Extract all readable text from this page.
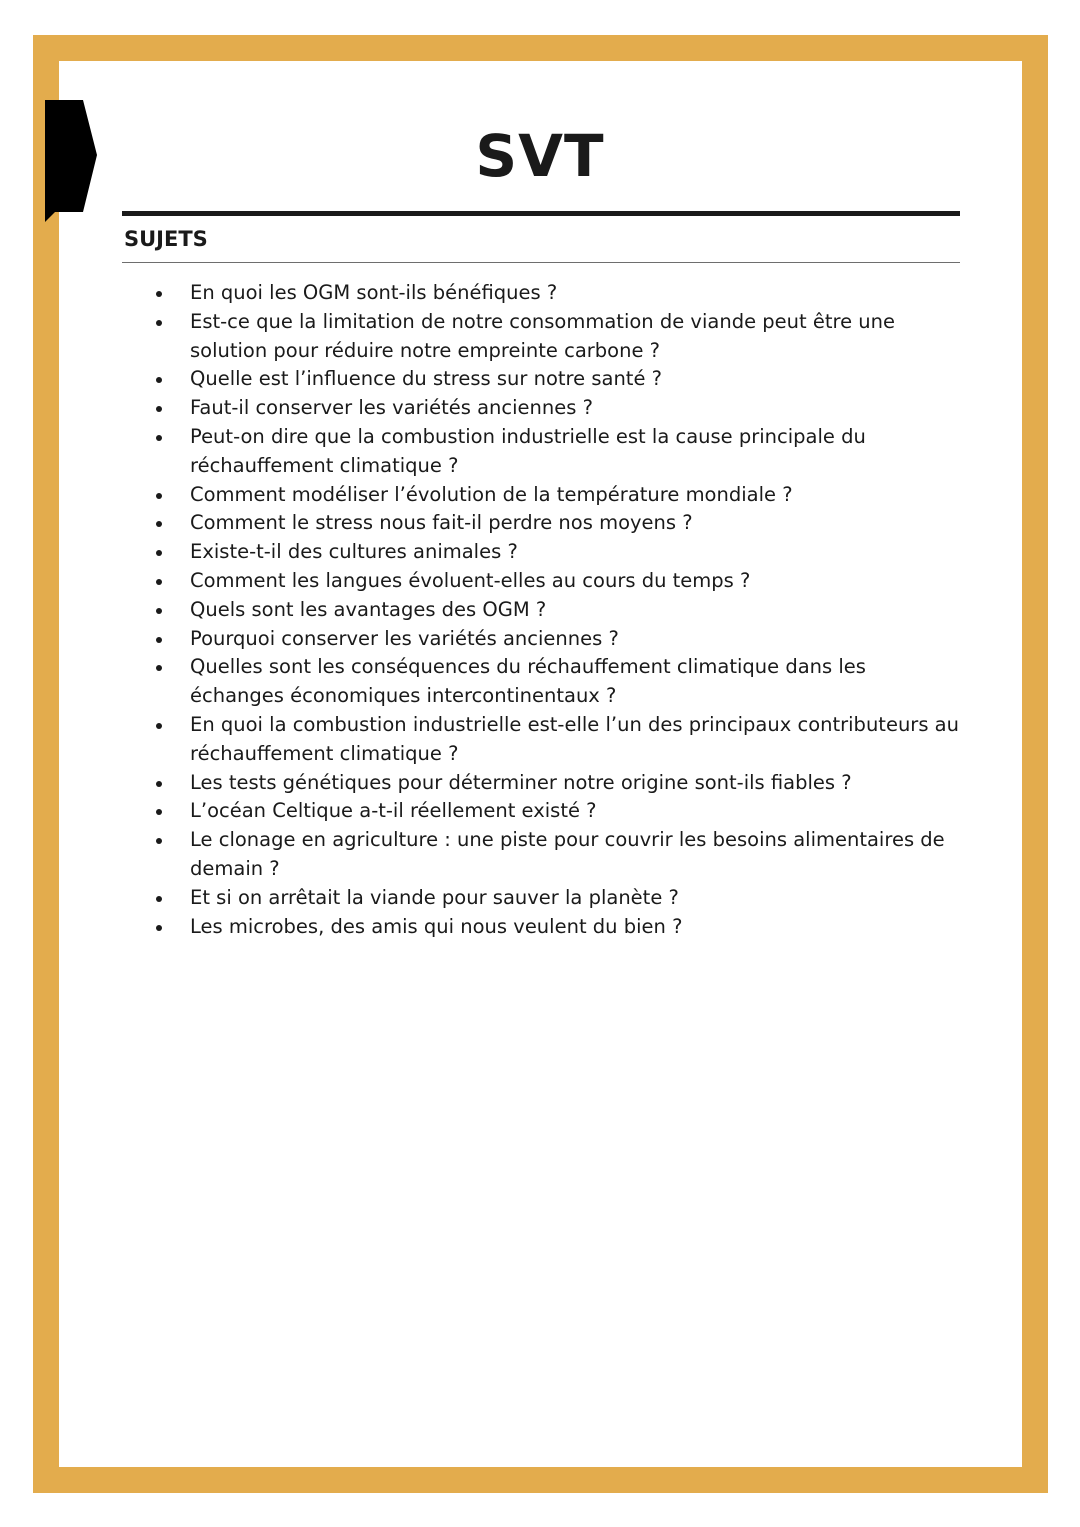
SVT
SUJETS
En quoi les OGM sont-ils bénéfiques ?
Est-ce que la limitation de notre consommation de viande peut être une solution pour réduire notre empreinte carbone ?
Quelle est l’influence du stress sur notre santé ?
Faut-il conserver les variétés anciennes ?
Peut-on dire que la combustion industrielle est la cause principale du réchauffement climatique ?
Comment modéliser l’évolution de la température mondiale ?
Comment le stress nous fait-il perdre nos moyens ?
Existe-t-il des cultures animales ?
Comment les langues évoluent-elles au cours du temps ?
Quels sont les avantages des OGM ?
Pourquoi conserver les variétés anciennes ?
Quelles sont les conséquences du réchauffement climatique dans les échanges économiques intercontinentaux ?
En quoi la combustion industrielle est-elle l’un des principaux contributeurs au réchauffement climatique ?
Les tests génétiques pour déterminer notre origine sont-ils fiables ?
L’océan Celtique a-t-il réellement existé ?
Le clonage en agriculture : une piste pour couvrir les besoins alimentaires de demain ?
Et si on arrêtait la viande pour sauver la planète ?
Les microbes, des amis qui nous veulent du bien ?
